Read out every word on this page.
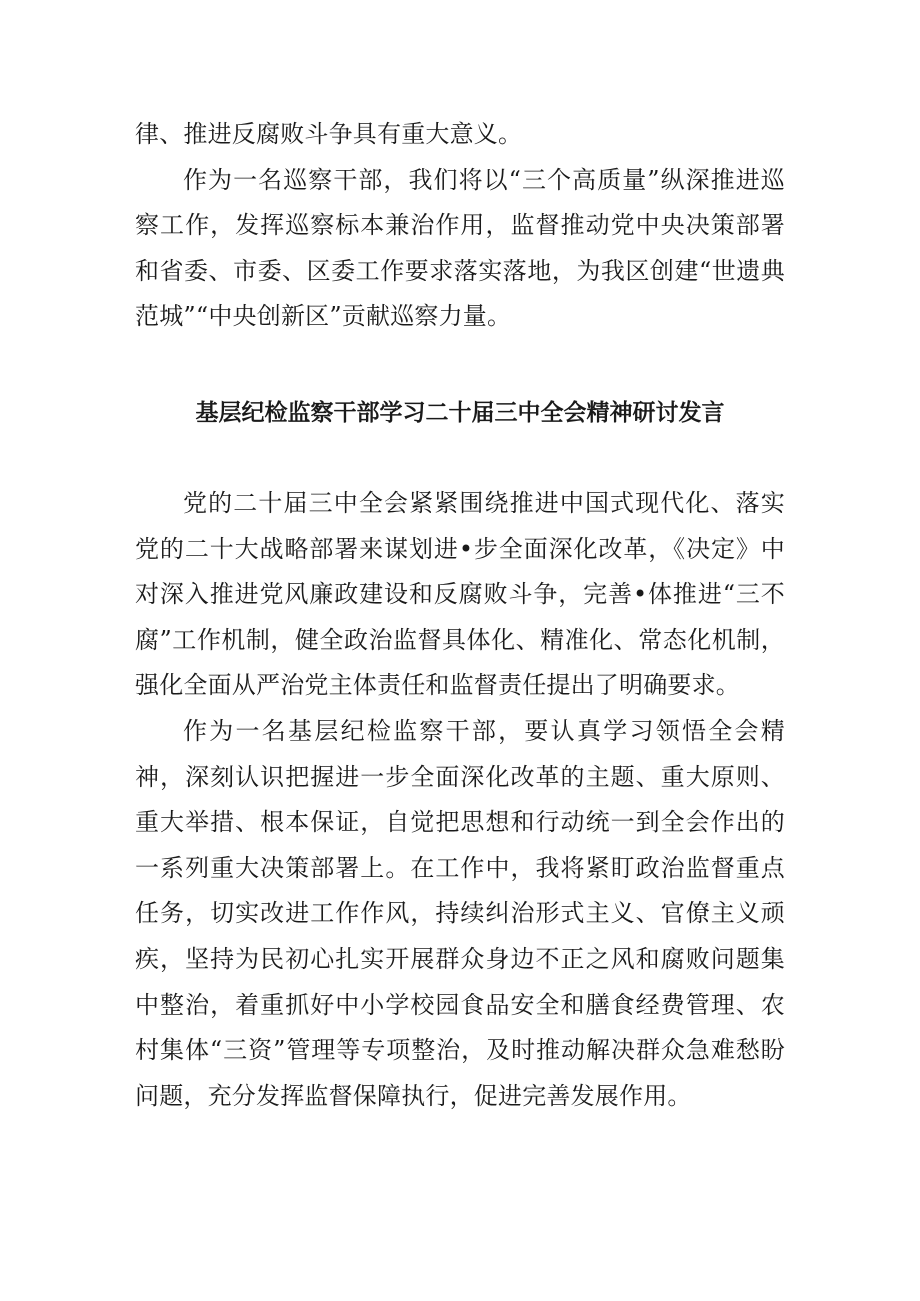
律、推进反腐败斗争具有重大意义。

作为一名巡察干部，我们将以“三个高质量”纵深推进巡察工作，发挥巡察标本兼治作用，监督推动党中央决策部署和省委、市委、区委工作要求落实落地，为我区创建“世遗典范城”“中央创新区”贡献巡察力量。

基层纪检监察干部学习二十届三中全会精神研讨发言

党的二十届三中全会紧紧围绕推进中国式现代化、落实党的二十大战略部署来谋划进•步全面深化改革，《决定》中对深入推进党风廉政建设和反腐败斗争，完善•体推进“三不腐”工作机制，健全政治监督具体化、精准化、常态化机制，强化全面从严治党主体责任和监督责任提出了明确要求。

作为一名基层纪检监察干部，要认真学习领悟全会精神，深刻认识把握进一步全面深化改革的主题、重大原则、重大举措、根本保证，自觉把思想和行动统一到全会作出的一系列重大决策部署上。在工作中，我将紧盯政治监督重点任务，切实改进工作作风，持续纠治形式主义、官僚主义顽疾，坚持为民初心扎实开展群众身边不正之风和腐败问题集中整治，着重抓好中小学校园食品安全和膳食经费管理、农村集体“三资”管理等专项整治，及时推动解决群众急难愁盼问题，充分发挥监督保障执行，促进完善发展作用。
